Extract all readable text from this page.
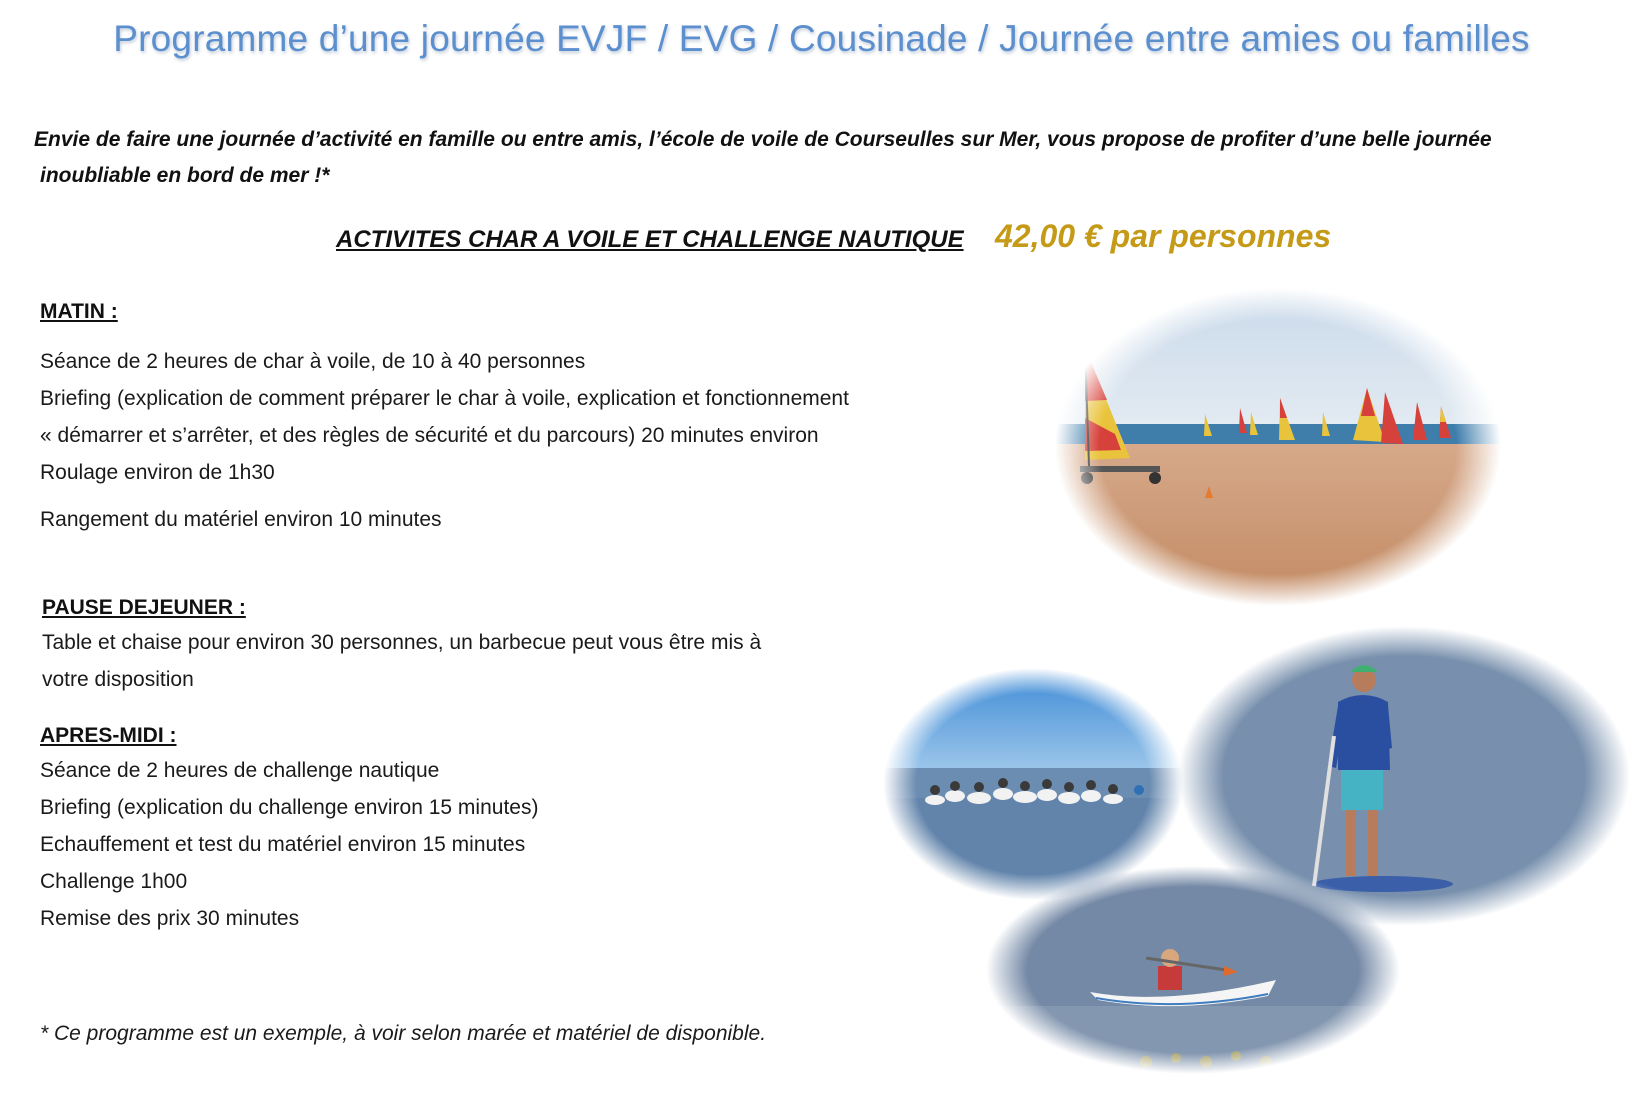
Programme d’une journée EVJF / EVG / Cousinade / Journée entre amies ou familles
Envie de faire une journée d’activité en famille ou entre amis, l’école de voile de Courseulles sur Mer, vous propose de profiter d’une belle journée
inoubliable en bord de mer !*
ACTIVITES CHAR A VOILE ET CHALLENGE NAUTIQUE 42,00 € par personnes
MATIN :
Séance de 2 heures de char à voile, de 10 à 40 personnes
Briefing (explication de comment préparer le char à voile, explication et fonctionnement
« démarrer et s’arrêter, et des règles de sécurité et du parcours) 20 minutes environ
Roulage environ de 1h30
Rangement du matériel environ 10 minutes
PAUSE DEJEUNER :
Table et chaise pour environ 30 personnes, un barbecue peut vous être mis à
votre disposition
APRES-MIDI :
Séance de 2 heures de challenge nautique
Briefing (explication du challenge environ 15 minutes)
Echauffement et test du matériel environ 15 minutes
Challenge 1h00
Remise des prix 30 minutes
* Ce programme est un exemple, à voir selon marée et matériel de disponible.
